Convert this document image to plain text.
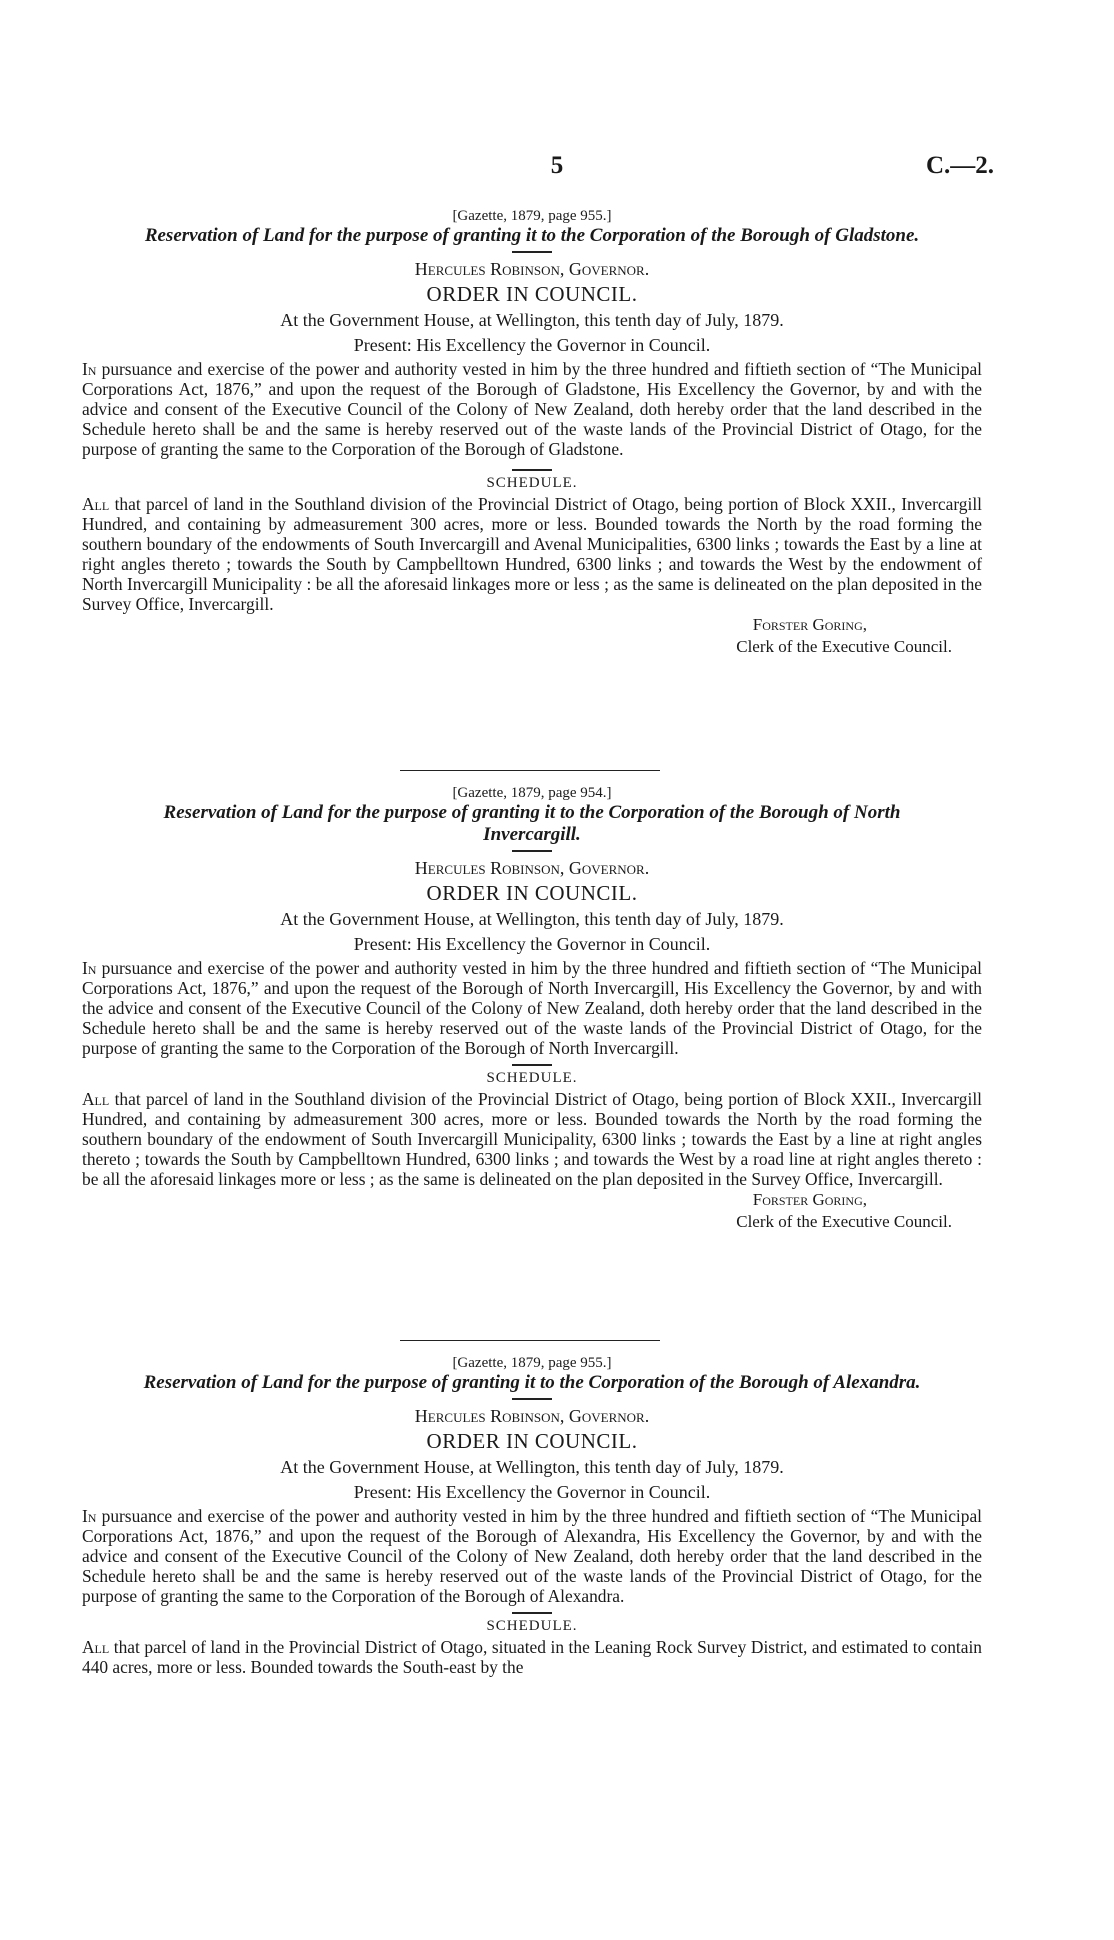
5	C.—2.
[Gazette, 1879, page 955.]
Reservation of Land for the purpose of granting it to the Corporation of the Borough of Gladstone.
Hercules Robinson, Governor.
ORDER IN COUNCIL.
At the Government House, at Wellington, this tenth day of July, 1879.
Present: His Excellency the Governor in Council.

In pursuance and exercise of the power and authority vested in him by the three hundred and fiftieth section of “The Municipal Corporations Act, 1876,” and upon the request of the Borough of Gladstone, His Excellency the Governor, by and with the advice and consent of the Executive Council of the Colony of New Zealand, doth hereby order that the land described in the Schedule hereto shall be and the same is hereby reserved out of the waste lands of the Provincial District of Otago, for the purpose of granting the same to the Corporation of the Borough of Gladstone.

SCHEDULE.

All that parcel of land in the Southland division of the Provincial District of Otago, being portion of Block XXII., Invercargill Hundred, and containing by admeasurement 300 acres, more or less. Bounded towards the North by the road forming the southern boundary of the endowments of South Invercargill and Avenal Municipalities, 6300 links ; towards the East by a line at right angles thereto ; towards the South by Campbelltown Hundred, 6300 links ; and towards the West by the endowment of North Invercargill Municipality : be all the aforesaid linkages more or less ; as the same is delineated on the plan deposited in the Survey Office, Invercargill.

Forster Goring,
Clerk of the Executive Council.
[Gazette, 1879, page 954.]
Reservation of Land for the purpose of granting it to the Corporation of the Borough of North Invercargill.
Hercules Robinson, Governor.
ORDER IN COUNCIL.
At the Government House, at Wellington, this tenth day of July, 1879.
Present: His Excellency the Governor in Council.

In pursuance and exercise of the power and authority vested in him by the three hundred and fiftieth section of “The Municipal Corporations Act, 1876,” and upon the request of the Borough of North Invercargill, His Excellency the Governor, by and with the advice and consent of the Executive Council of the Colony of New Zealand, doth hereby order that the land described in the Schedule hereto shall be and the same is hereby reserved out of the waste lands of the Provincial District of Otago, for the purpose of granting the same to the Corporation of the Borough of North Invercargill.

SCHEDULE.

All that parcel of land in the Southland division of the Provincial District of Otago, being portion of Block XXII., Invercargill Hundred, and containing by admeasurement 300 acres, more or less. Bounded towards the North by the road forming the southern boundary of the endowment of South Invercargill Municipality, 6300 links ; towards the East by a line at right angles thereto ; towards the South by Campbelltown Hundred, 6300 links ; and towards the West by a road line at right angles thereto : be all the aforesaid linkages more or less ; as the same is delineated on the plan deposited in the Survey Office, Invercargill.

Forster Goring,
Clerk of the Executive Council.
[Gazette, 1879, page 955.]
Reservation of Land for the purpose of granting it to the Corporation of the Borough of Alexandra.
Hercules Robinson, Governor.
ORDER IN COUNCIL.
At the Government House, at Wellington, this tenth day of July, 1879.
Present: His Excellency the Governor in Council.

In pursuance and exercise of the power and authority vested in him by the three hundred and fiftieth section of “The Municipal Corporations Act, 1876,” and upon the request of the Borough of Alexandra, His Excellency the Governor, by and with the advice and consent of the Executive Council of the Colony of New Zealand, doth hereby order that the land described in the Schedule hereto shall be and the same is hereby reserved out of the waste lands of the Provincial District of Otago, for the purpose of granting the same to the Corporation of the Borough of Alexandra.

SCHEDULE.

All that parcel of land in the Provincial District of Otago, situated in the Leaning Rock Survey District, and estimated to contain 440 acres, more or less. Bounded towards the South-east by the
